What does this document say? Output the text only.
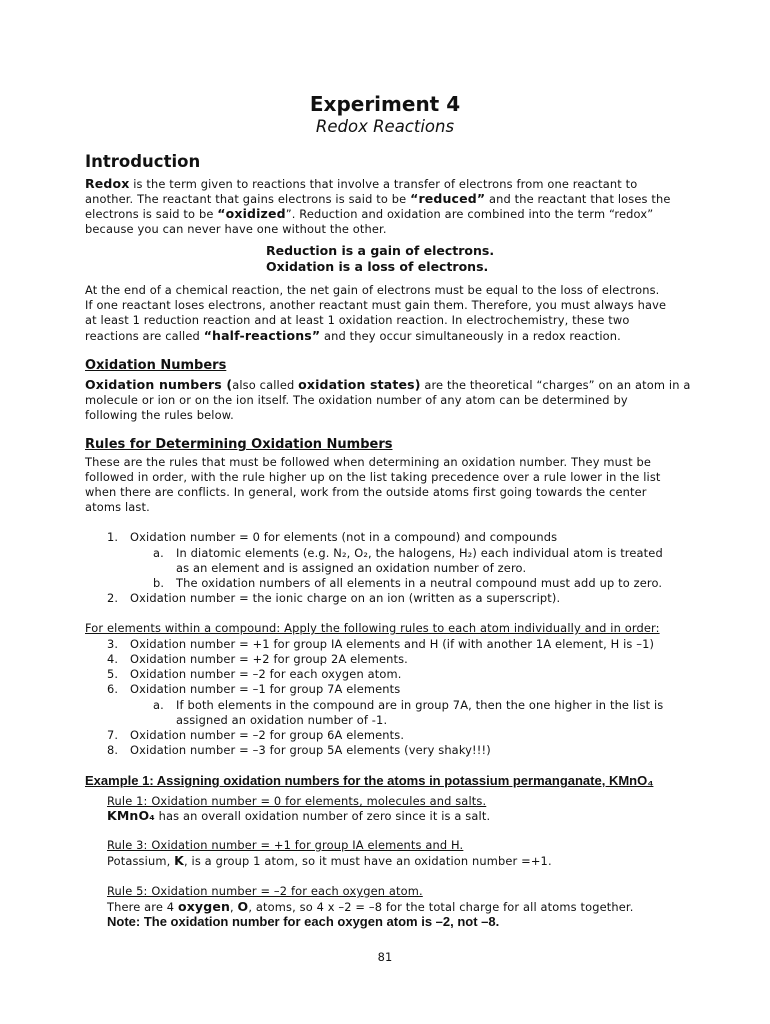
Experiment 4
Redox Reactions
Introduction
Redox is the term given to reactions that involve a transfer of electrons from one reactant to
another. The reactant that gains electrons is said to be “reduced” and the reactant that loses the
electrons is said to be “oxidized”. Reduction and oxidation are combined into the term “redox”
because you can never have one without the other.
Reduction is a gain of electrons.
Oxidation is a loss of electrons.
At the end of a chemical reaction, the net gain of electrons must be equal to the loss of electrons.
If one reactant loses electrons, another reactant must gain them. Therefore, you must always have
at least 1 reduction reaction and at least 1 oxidation reaction. In electrochemistry, these two
reactions are called “half-reactions” and they occur simultaneously in a redox reaction.
Oxidation Numbers
Oxidation numbers (also called oxidation states) are the theoretical “charges” on an atom in a
molecule or ion or on the ion itself. The oxidation number of any atom can be determined by
following the rules below.
Rules for Determining Oxidation Numbers
These are the rules that must be followed when determining an oxidation number. They must be
followed in order, with the rule higher up on the list taking precedence over a rule lower in the list
when there are conflicts. In general, work from the outside atoms first going towards the center
atoms last.
1. Oxidation number = 0 for elements (not in a compound) and compounds
a. In diatomic elements (e.g. N₂, O₂, the halogens, H₂) each individual atom is treated
as an element and is assigned an oxidation number of zero.
b. The oxidation numbers of all elements in a neutral compound must add up to zero.
2. Oxidation number = the ionic charge on an ion (written as a superscript).
For elements within a compound: Apply the following rules to each atom individually and in order:
3. Oxidation number = +1 for group IA elements and H (if with another 1A element, H is –1)
4. Oxidation number = +2 for group 2A elements.
5. Oxidation number = –2 for each oxygen atom.
6. Oxidation number = –1 for group 7A elements
a. If both elements in the compound are in group 7A, then the one higher in the list is
assigned an oxidation number of -1.
7. Oxidation number = –2 for group 6A elements.
8. Oxidation number = –3 for group 5A elements (very shaky!!!)
Example 1: Assigning oxidation numbers for the atoms in potassium permanganate, KMnO₄
Rule 1: Oxidation number = 0 for elements, molecules and salts.
KMnO₄ has an overall oxidation number of zero since it is a salt.
Rule 3: Oxidation number = +1 for group IA elements and H.
Potassium, K, is a group 1 atom, so it must have an oxidation number =+1.
Rule 5: Oxidation number = –2 for each oxygen atom.
There are 4 oxygen, O, atoms, so 4 x –2 = –8 for the total charge for all atoms together.
Note: The oxidation number for each oxygen atom is –2, not –8.
81
